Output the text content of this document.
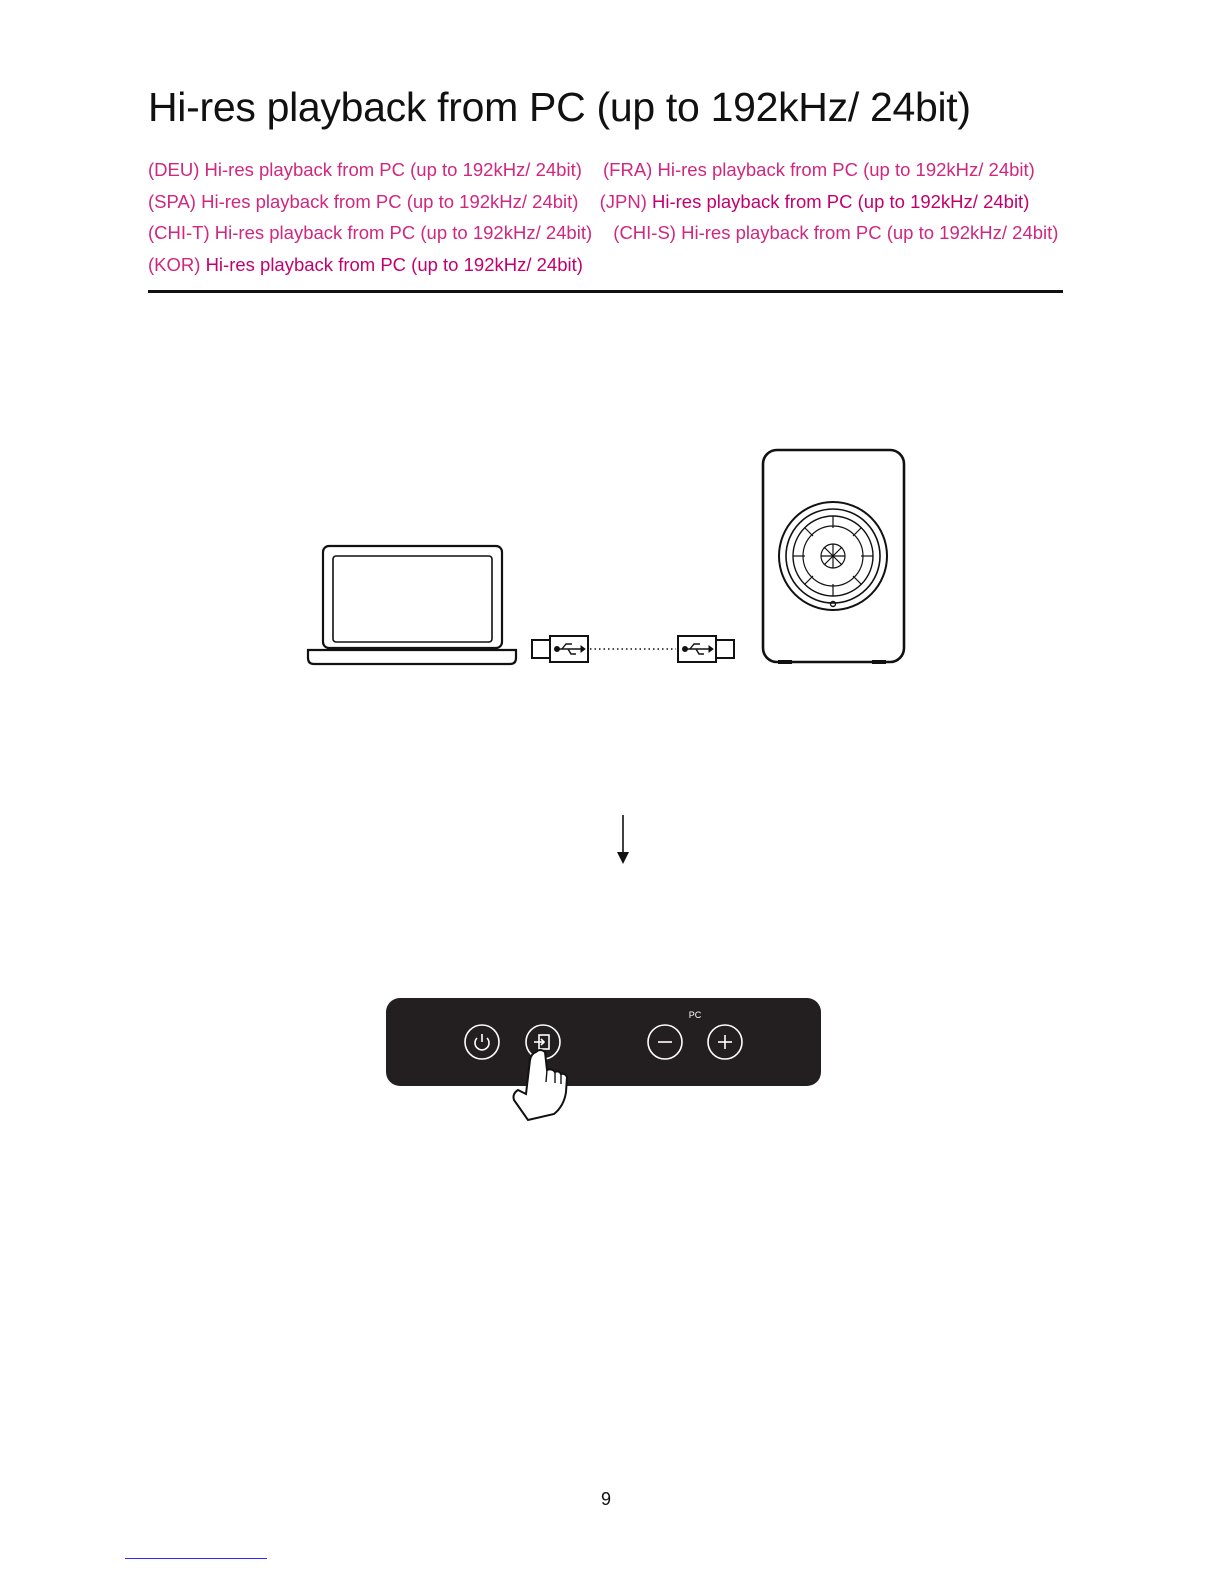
Hi-res playback from PC (up to 192kHz/ 24bit)
(DEU) Hi-res playback from PC (up to 192kHz/ 24bit) (FRA) Hi-res playback from PC (up to 192kHz/ 24bit)
(SPA) Hi-res playback from PC (up to 192kHz/ 24bit) (JPN) Hi-res playback from PC (up to 192kHz/ 24bit) (CHI-T) Hi-res playback from PC (up to 192kHz/ 24bit) (CHI-S) Hi-res playback from PC (up to 192kHz/ 24bit) (KOR) Hi-res playback from PC (up to 192kHz/ 24bit)
PC
9
